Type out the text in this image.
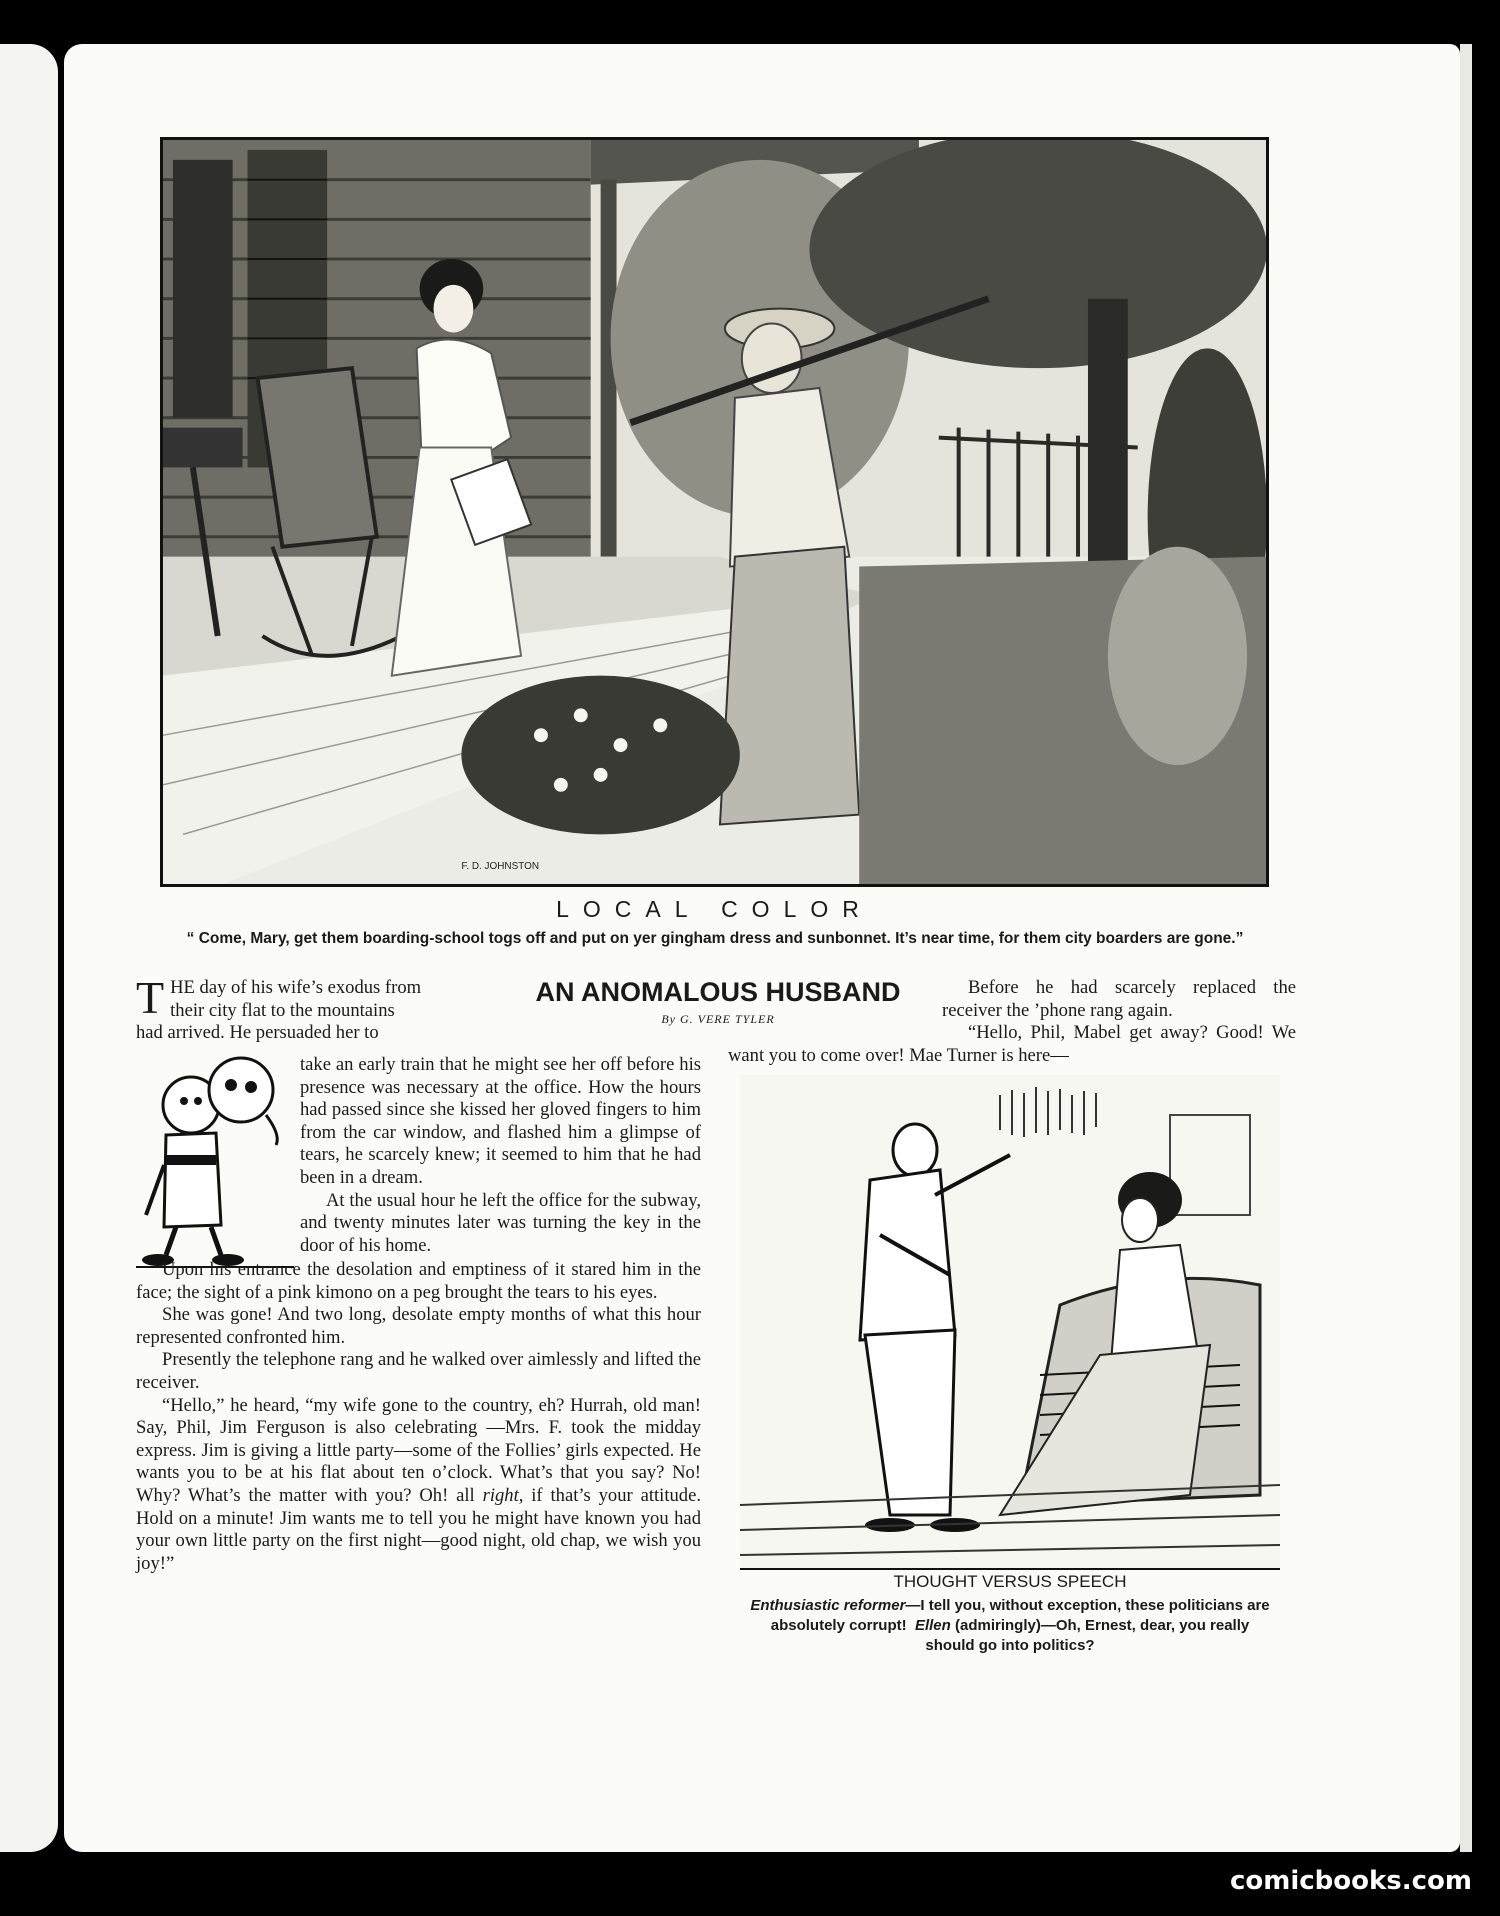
F. D. JOHNSTON
LOCAL COLOR
“ Come, Mary, get them boarding-school togs off and put on yer gingham dress and sunbonnet. It’s near time, for them city boarders are gone.”
AN ANOMALOUS HUSBAND
By G. VERE TYLER
T HE day of his wife’s exodus from
their city flat to the mountains

had arrived. He persuaded her to
take an early train that he might see her off before his presence was necessary at the office. How the hours had passed since she kissed her gloved fingers to him from the car window, and flashed him a glimpse of tears, he scarcely knew; it seemed to him that he had been in a dream.
At the usual hour he left the office for the subway, and twenty minutes later was turning the key in the door of his home.
Upon his entrance the desolation and emptiness of it stared him in the face; the sight of a pink kimono on a peg brought the tears to his eyes.
She was gone! And two long, desolate empty months of what this hour represented confronted him.
Presently the telephone rang and he walked over aimlessly and lifted the receiver.
“Hello,” he heard, “my wife gone to the country, eh? Hurrah, old man! Say, Phil, Jim Ferguson is also celebrating —Mrs. F. took the midday express. Jim is giving a little party—some of the Follies’ girls expected. He wants you to be at his flat about ten o’clock. What’s that you say? No! Why? What’s the matter with you? Oh! all right, if that’s your attitude. Hold on a minute! Jim wants me to tell you he might have known you had your own little party on the first night—good night, old chap, we wish you joy!”
Before he had scarcely replaced the receiver the ’phone rang again.
“Hello, Phil, Mabel get away? Good! We want you to come over! Mae Turner is here—
THOUGHT VERSUS SPEECH
Enthusiastic reformer—I tell you, without exception, these politicians are absolutely corrupt! Ellen (admiringly)—Oh, Ernest, dear, you really should go into politics?
comicbooks.com
